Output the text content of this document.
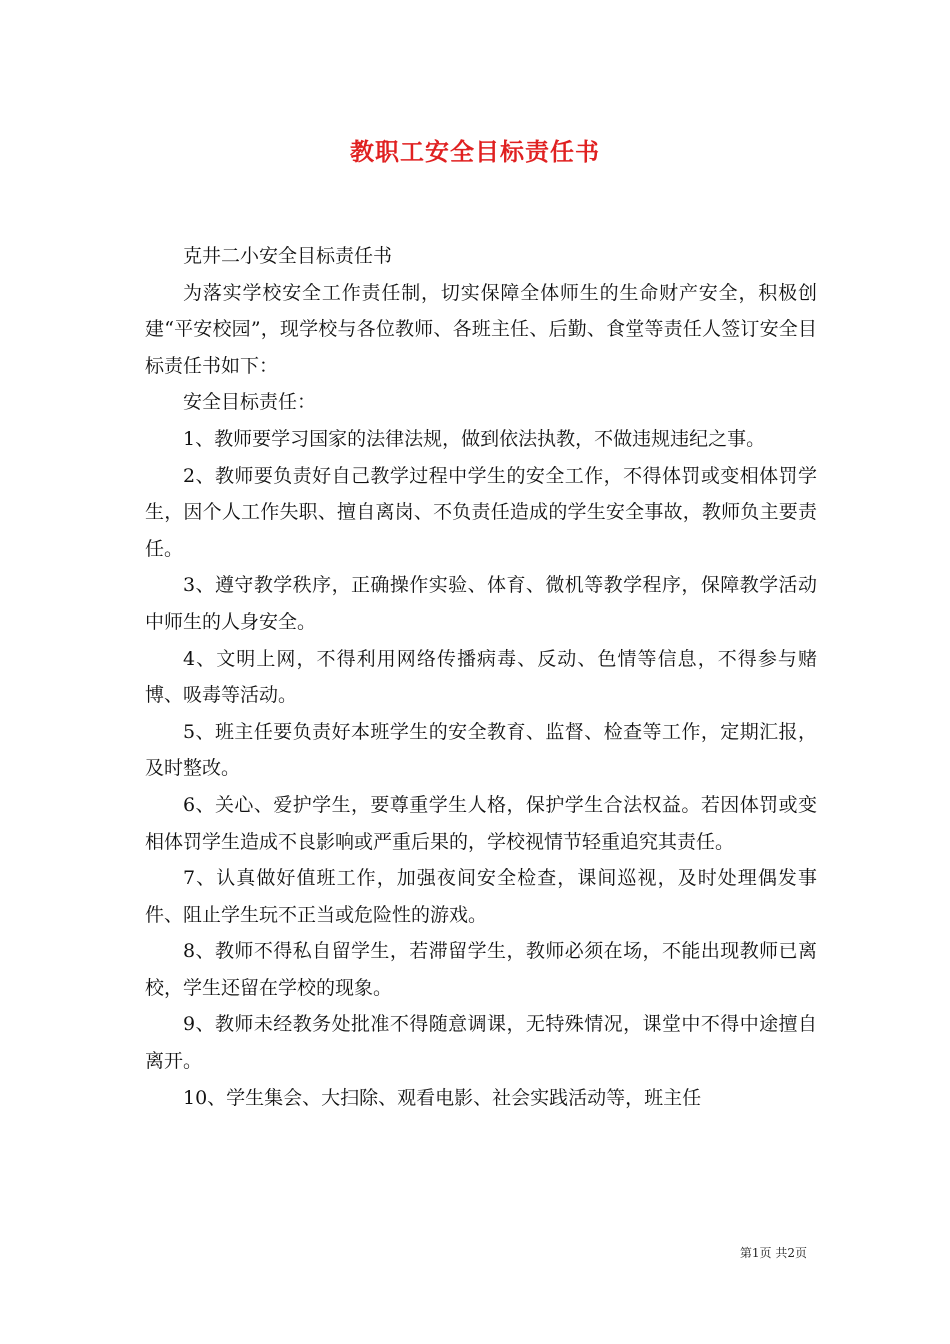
教职工安全目标责任书

克井二小安全目标责任书

为落实学校安全工作责任制，切实保障全体师生的生命财产安全，积极创建“平安校园”，现学校与各位教师、各班主任、后勤、食堂等责任人签订安全目标责任书如下：

安全目标责任：

1、教师要学习国家的法律法规，做到依法执教，不做违规违纪之事。

2、教师要负责好自己教学过程中学生的安全工作，不得体罚或变相体罚学生，因个人工作失职、擅自离岗、不负责任造成的学生安全事故，教师负主要责任。

3、遵守教学秩序，正确操作实验、体育、微机等教学程序，保障教学活动中师生的人身安全。

4、文明上网，不得利用网络传播病毒、反动、色情等信息，不得参与赌博、吸毒等活动。

5、班主任要负责好本班学生的安全教育、监督、检查等工作，定期汇报，及时整改。

6、关心、爱护学生，要尊重学生人格，保护学生合法权益。若因体罚或变相体罚学生造成不良影响或严重后果的，学校视情节轻重追究其责任。

7、认真做好值班工作，加强夜间安全检查，课间巡视，及时处理偶发事件、阻止学生玩不正当或危险性的游戏。

8、教师不得私自留学生，若滞留学生，教师必须在场，不能出现教师已离校，学生还留在学校的现象。

9、教师未经教务处批准不得随意调课，无特殊情况，课堂中不得中途擅自离开。

10、学生集会、大扫除、观看电影、社会实践活动等，班主任

第1页 共2页
